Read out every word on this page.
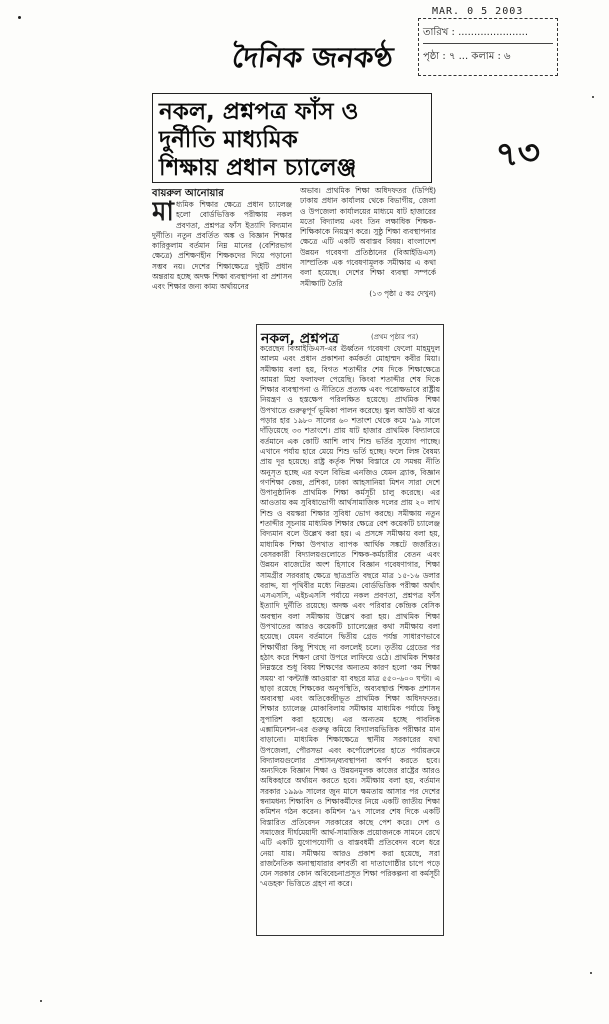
MAR. 0 5 2003
তারিখ : ......................
পৃষ্ঠা : ৭ ... কলাম : ৬
দৈনিক জনকণ্ঠ
৭৩
নকল, প্রশ্নপত্র ফাঁস ও
দুর্নীতি মাধ্যমিক
শিক্ষায় প্রধান চ্যালেঞ্জ
বায়রুল আনোয়ার
মাধ্যমিক শিক্ষার ক্ষেত্রে প্রধান চ্যালেঞ্জ হলো বোর্ডভিত্তিক পরীক্ষায় নকল প্রবণতা, প্রশ্নপত্র ফাঁস ইত্যাদি বিদ্যমান দুর্নীতি। নতুন প্রবর্তিত অঙ্ক ও বিজ্ঞান শিক্ষার কারিকুলাম বর্তমান নিম্ন মানের (বেশিরভাগ ক্ষেত্রে) প্রশিক্ষণহীন শিক্ষকদের দিয়ে পড়ানো সম্ভব নয়। দেশের শিক্ষাক্ষেত্রে দুইটি প্রধান অন্তরায় হচ্ছে অদক্ষ শিক্ষা ব্যবস্থাপনা বা প্রশাসন এবং শিক্ষার জন্য কাম্য অর্থায়নের

অভাব। প্রাথমিক শিক্ষা অধিদফতর (ডিপিই) ঢাকায় প্রধান কার্যালয় থেকে বিভাগীয়, জেলা ও উপজেলা কার্যালয়ের মাধ্যমে ষাট হাজারের মতো বিদ্যালয় এবং তিন লক্ষাধিক শিক্ষক-শিক্ষিকাকে নিয়ন্ত্রণ করে। সুষ্ঠু শিক্ষা ব্যবস্থাপনার ক্ষেত্রে এটি একটি অবাস্তব বিষয়। বাংলাদেশ উন্নয়ন গবেষণা প্রতিষ্ঠানের (বিআইডিএস) সাম্প্রতিক এক গবেষণামূলক সমীক্ষায় এ কথা বলা হয়েছে। দেশের শিক্ষা ব্যবস্থা সম্পর্কে সমীক্ষাটি তৈরি

(১৩ পৃষ্ঠা ৫ কঃ দেখুন)

নকল, প্রশ্নপত্র	(প্রথম পৃষ্ঠার পর)

করেছেন বিআইডিএস-এর ঊর্ধ্বতন গবেষণা ফেলো মাহমুদুল আলম এবং প্রধান প্রকাশনা কর্মকর্তা মোহাম্মদ কবীর মিয়া। সমীক্ষায় বলা হয়, বিগত শতাব্দীর শেষ দিকে শিক্ষাক্ষেত্রে আমরা মিশ্র ফলাফল পেয়েছি। কিংবা শতাব্দীর শেষ দিকে শিক্ষার ব্যবস্থাপনা ও নীতিতে প্রত্যক্ষ এবং পরোক্ষভাবে রাষ্ট্রীয় নিয়ন্ত্রণ ও হস্তক্ষেপ পরিলক্ষিত হয়েছে। প্রাথমিক শিক্ষা উপখাতে গুরুত্বপূর্ণ ভূমিকা পালন করেছে। স্কুল আউট বা ঝরে পড়ার হার ১৯৮০ সালের ৬০ শতাংশ থেকে কমে '৯৯ সালে দাঁড়িয়েছে ৩৩ শতাংশে। প্রায় ষাট হাজার প্রাথমিক বিদ্যালয়ে বর্তমানে এক কোটি আশি লাখ শিশু ভর্তির সুযোগ পাচ্ছে। এখানে পর্যায় হারে মেয়ে শিশু ভর্তি হচ্ছে। ফলে লিঙ্গ বৈষম্য প্রায় দূর হয়েছে। রাষ্ট্র কর্তৃক শিক্ষা বিস্তারে যে সমন্বয় নীতি অনুসৃত হচ্ছে এর ফলে বিভিন্ন এনজিও যেমন ব্র্যাক, বিজ্ঞান গণশিক্ষা কেন্দ্র, প্রশিকা, ঢাকা আহসানিয়া মিশন সারা দেশে উপানুষ্ঠানিক প্রাথমিক শিক্ষা কর্মসূচী চালু করেছে। এর আওতায় কম সুবিধাভোগী আর্থসামাজিক দলের প্রায় ২০ লাখ শিশু ও বয়স্করা শিক্ষার সুবিধা ভোগ করছে। সমীক্ষায় নতুন শতাব্দীর সূচনায় মাধ্যমিক শিক্ষার ক্ষেত্রে বেশ কয়েকটি চ্যালেঞ্জ বিদ্যমান বলে উল্লেখ করা হয়। এ প্রসঙ্গে সমীক্ষায় বলা হয়, মাধ্যমিক শিক্ষা উপখাত ব্যাপক আর্থিক সঙ্কটে জর্জরিত। বেসরকারী বিদ্যালয়গুলোতে শিক্ষক-কর্মচারীর বেতন এবং উন্নয়ন বাজেটের অংশ হিসাবে বিজ্ঞান গবেষণাগার, শিক্ষা সামগ্রীর সরবরাহ ক্ষেত্রে ছাত্রপ্রতি বছরে মাত্র ১৫-১৬ ডলার বরাদ্দ, যা পৃথিবীর মধ্যে নিম্নতম। বোর্ডভিত্তিক পরীক্ষা অর্থাৎ এসএসসি, এইচএসসি পর্যায়ে নকল প্রবণতা, প্রশ্নপত্র ফাঁস ইত্যাদি দুর্নীতি রয়েছে। অদক্ষ এবং পরিবার কেন্দ্রিক বেসিক অবস্থান বলা সমীক্ষায় উল্লেখ করা হয়। প্রাথমিক শিক্ষা উপখাতের আরও কয়েকটি চ্যালেঞ্জের কথা সমীক্ষায় বলা হয়েছে। যেমন বর্তমানে দ্বিতীয় গ্রেড পর্যন্ত সাধারণভাবে শিক্ষার্থীরা কিছু শিখছে না বললেই চলে। তৃতীয় গ্রেডের পর হঠাৎ করে শিক্ষণ রেখা উপরে লাফিয়ে ওঠে। প্রাথমিক শিক্ষার নিম্নস্তরে শুধু বিষয় শিক্ষণের অন্যতম কারণ হলো 'কম শিক্ষা সময়' বা 'কন্ট্যাক্ট আওয়ার' যা বছরে মাত্র ৫৫০-৬০০ ঘণ্টা। এ ছাড়া রয়েছে শিক্ষকের অনুপস্থিতি, অব্যবস্থাপ্ত শিক্ষক প্রশাসন অব্যবস্থা এবং অতিকেন্দ্রীভূত প্রাথমিক শিক্ষা অধিদফতর। শিক্ষার চ্যালেঞ্জ মোকাবিলায় সমীক্ষায় মাধ্যমিক পর্যায়ে কিছু সুপারিশ করা হয়েছে। এর অন্যতম হচ্ছে পাবলিক এক্সামিনেশন-এর গুরুত্ব কমিয়ে বিদ্যালয়ভিত্তিক পরীক্ষার মান বাড়ানো। মাধ্যমিক শিক্ষাক্ষেত্রে স্থানীয় সরকারের যথা উপজেলা, পৌরসভা এবং কর্পোরেশনের হাতে পর্যায়ক্রমে বিদ্যালয়গুলোর প্রশাসন/ব্যবস্থাপনা অর্পণ করতে হবে। অন্যদিকে বিজ্ঞান শিক্ষা ও উন্নয়নমূলক কাজের রাষ্ট্রের আরও অধিকহারে অর্থায়ন করতে হবে। সমীক্ষায় বলা হয়, বর্তমান সরকার ১৯৯৬ সালের জুন মাসে ক্ষমতায় আসার পর দেশের স্বনামধন্য শিক্ষাবিদ ও শিক্ষাকর্মীদের নিয়ে একটি জাতীয় শিক্ষা কমিশন গঠন করেন। কমিশন '৯৭ সালের শেষ দিকে একটি বিস্তারিত প্রতিবেদন সরকারের কাছে পেশ করে। দেশ ও সমাজের দীর্ঘমেয়াদী আর্থ-সামাজিক প্রয়োজনকে সামনে রেখে এটি একটি যুগোপযোগী ও বাস্তবধর্মী প্রতিবেদন বলে ধরে নেয়া যায়। সমীক্ষায় আরও প্রকাশ করা হয়েছে, সরা রাজনৈতিক অনাস্থাযারার বশবর্তী বা দাতাগোষ্ঠীর চাপে পড়ে যেন সরকার কোন অবিবেচনাপ্রসূত শিক্ষা পরিকল্পনা বা কর্মসূচী 'এডহক' ভিত্তিতে গ্রহণ না করে।
